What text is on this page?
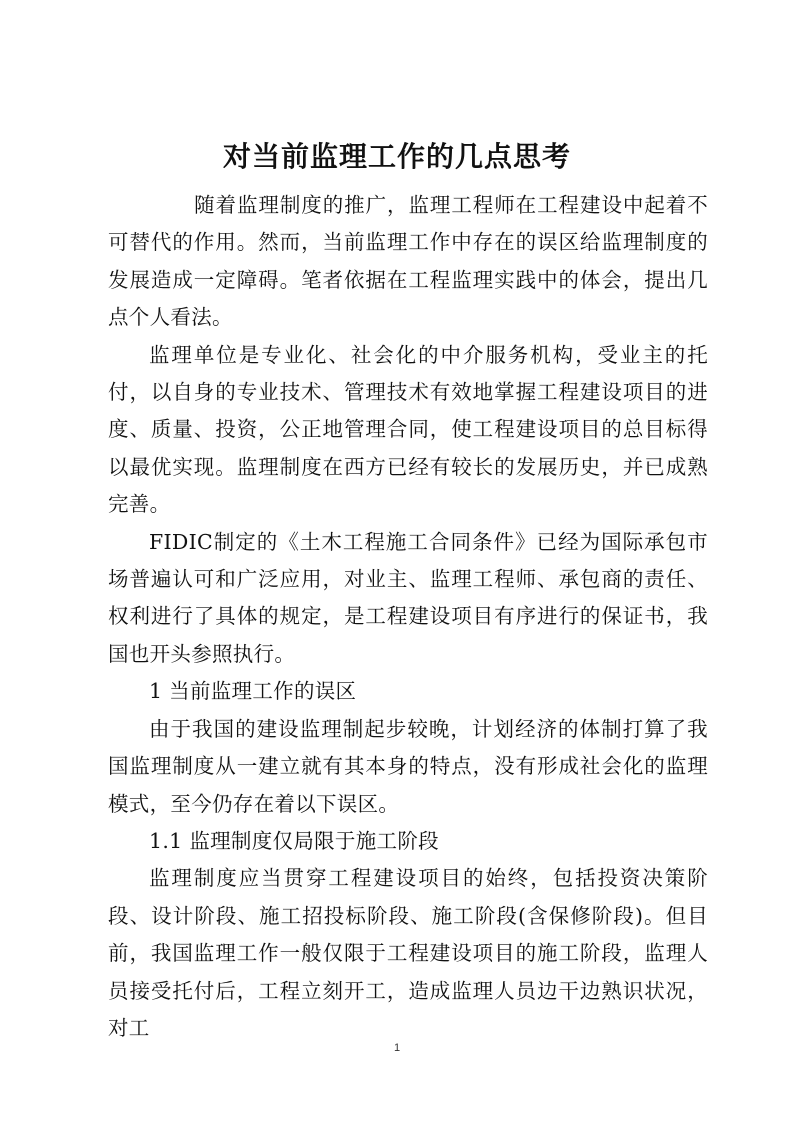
对当前监理工作的几点思考

随着监理制度的推广，监理工程师在工程建设中起着不可替代的作用。然而，当前监理工作中存在的误区给监理制度的发展造成一定障碍。笔者依据在工程监理实践中的体会，提出几点个人看法。

监理单位是专业化、社会化的中介服务机构，受业主的托付，以自身的专业技术、管理技术有效地掌握工程建设项目的进度、质量、投资，公正地管理合同，使工程建设项目的总目标得以最优实现。监理制度在西方已经有较长的发展历史，并已成熟完善。

FIDIC制定的《土木工程施工合同条件》已经为国际承包市场普遍认可和广泛应用，对业主、监理工程师、承包商的责任、权利进行了具体的规定，是工程建设项目有序进行的保证书，我国也开头参照执行。

1 当前监理工作的误区

由于我国的建设监理制起步较晚，计划经济的体制打算了我国监理制度从一建立就有其本身的特点，没有形成社会化的监理模式，至今仍存在着以下误区。

1.1 监理制度仅局限于施工阶段

监理制度应当贯穿工程建设项目的始终，包括投资决策阶段、设计阶段、施工招投标阶段、施工阶段(含保修阶段)。但目前，我国监理工作一般仅限于工程建设项目的施工阶段，监理人员接受托付后，工程立刻开工，造成监理人员边干边熟识状况，对工

1
